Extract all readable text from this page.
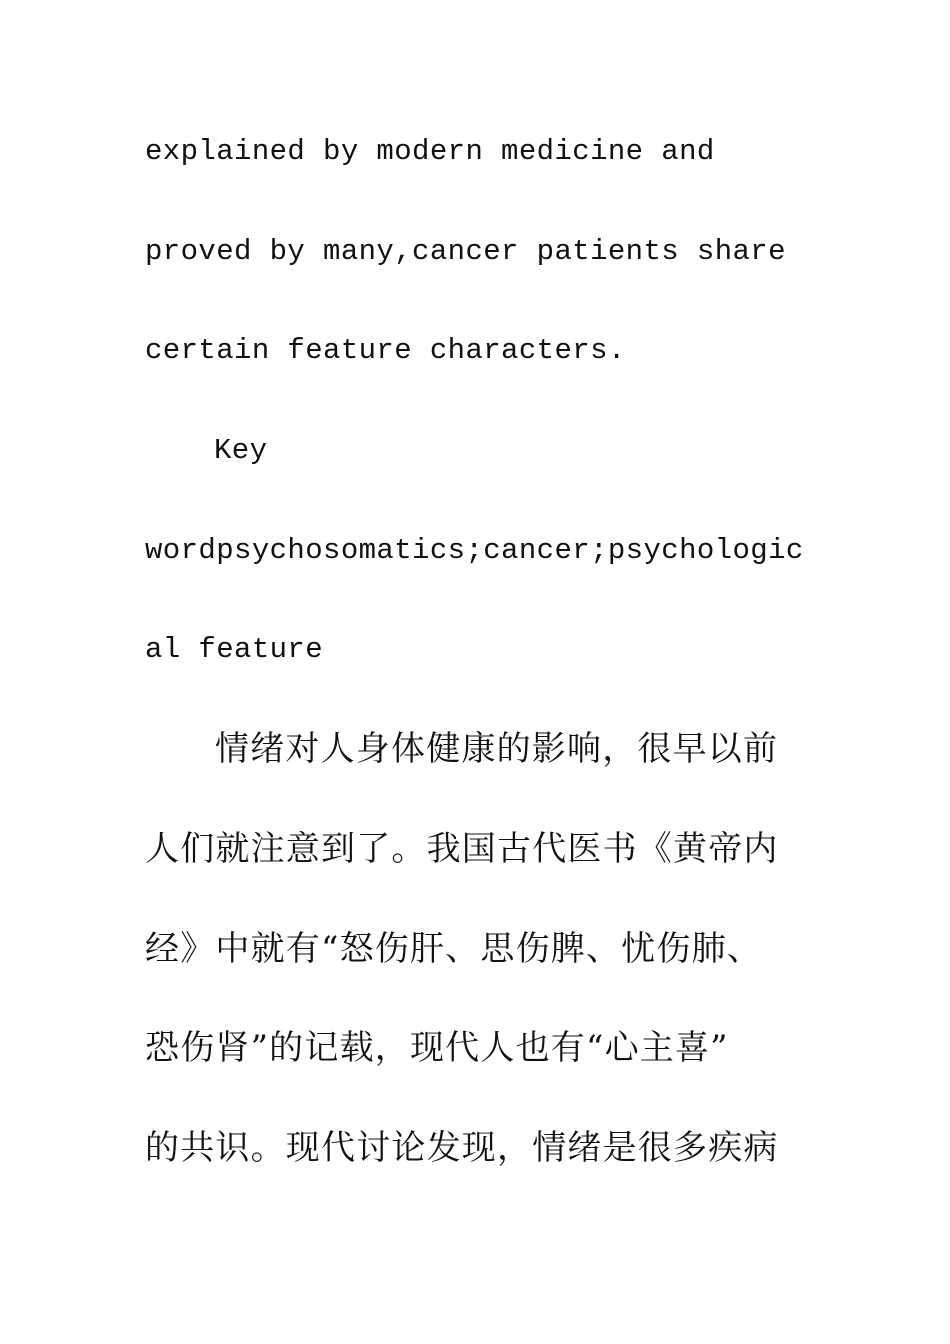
explained by modern medicine and

proved by many,cancer patients share

certain feature characters.

Key

wordpsychosomatics;cancer;psychologic

al feature

情绪对人身体健康的影响，很早以前

人们就注意到了。我国古代医书《黄帝内

经》中就有“怒伤肝、思伤脾、忧伤肺、

恐伤肾”的记载，现代人也有“心主喜”

的共识。现代讨论发现，情绪是很多疾病
